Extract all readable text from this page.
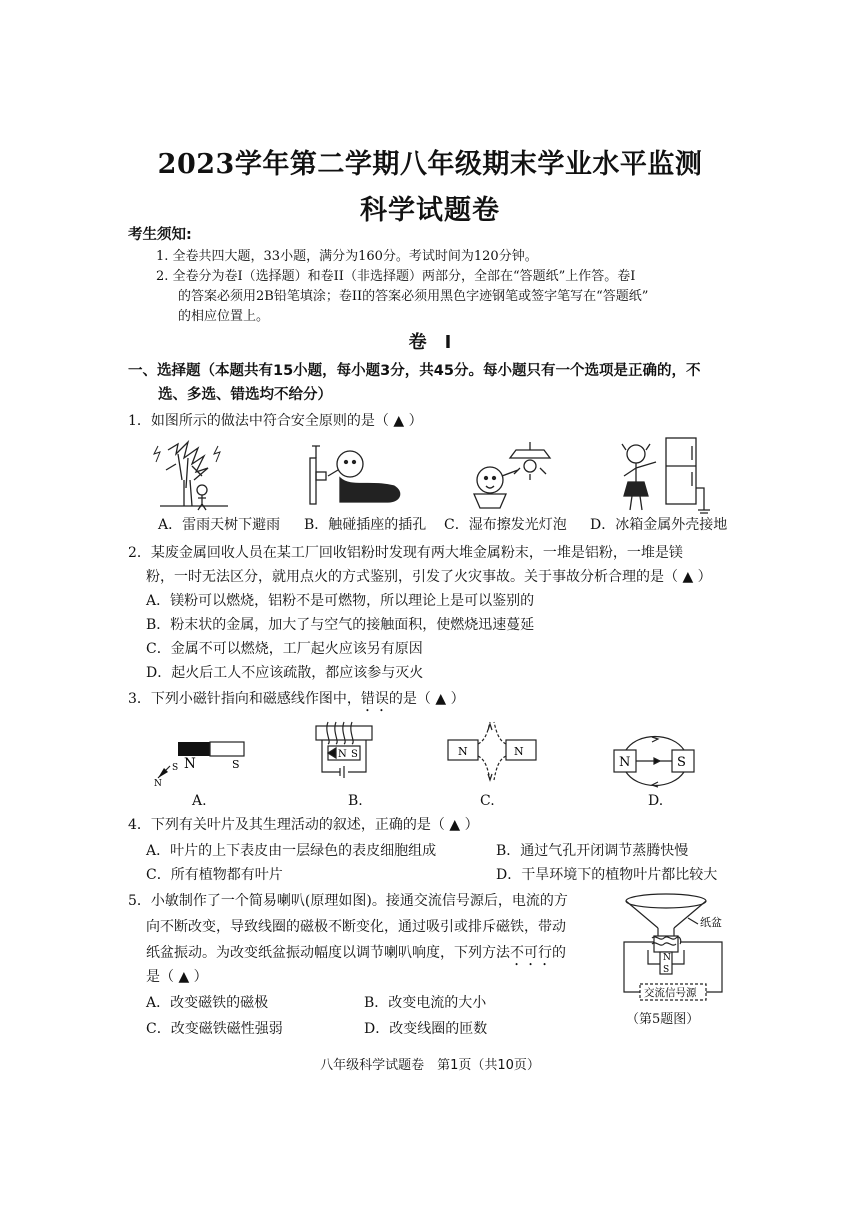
2023学年第二学期八年级期末学业水平监测
科学试题卷
考生须知:
1. 全卷共四大题，33小题，满分为160分。考试时间为120分钟。
2. 全卷分为卷I（选择题）和卷II（非选择题）两部分，全部在“答题纸”上作答。卷I
的答案必须用2B铅笔填涂；卷II的答案必须用黑色字迹钢笔或签字笔写在“答题纸”
的相应位置上。
卷　Ⅰ
一、选择题（本题共有15小题，每小题3分，共45分。每小题只有一个选项是正确的，不
选、多选、错选均不给分）
1．如图所示的做法中符合安全原则的是（ ▲ ）
A．雷雨天树下避雨 B．触碰插座的插孔 C．湿布擦发光灯泡 D．冰箱金属外壳接地
2．某废金属回收人员在某工厂回收铝粉时发现有两大堆金属粉末，一堆是铝粉，一堆是镁
粉，一时无法区分，就用点火的方式鉴别，引发了火灾事故。关于事故分析合理的是（ ▲ ）
A．镁粉可以燃烧，铝粉不是可燃物，所以理论上是可以鉴别的
B．粉末状的金属，加大了与空气的接触面积，使燃烧迅速蔓延
C．金属不可以燃烧，工厂起火应该另有原因
D．起火后工人不应该疏散，都应该参与灭火
3．下列小磁针指向和磁感线作图中，错误的是（ ▲ ）
N	S
S
N
N S	N	N
N	S
A.	B.	C.	D.
4．下列有关叶片及其生理活动的叙述，正确的是（ ▲ ）
A．叶片的上下表皮由一层绿色的表皮细胞组成	B．通过气孔开闭调节蒸腾快慢
C．所有植物都有叶片	D．干旱环境下的植物叶片都比较大
5．小敏制作了一个简易喇叭(原理如图)。接通交流信号源后，电流的方
向不断改变，导致线圈的磁极不断变化，通过吸引或排斥磁铁，带动
纸盆振动。为改变纸盆振动幅度以调节喇叭响度，下列方法不可行的
是（ ▲ ）
A．改变磁铁的磁极	B．改变电流的大小
C．改变磁铁磁性强弱	D．改变线圈的匝数
N
S
纸盆
交流信号源
（第5题图）
八年级科学试题卷　第1页（共10页）
